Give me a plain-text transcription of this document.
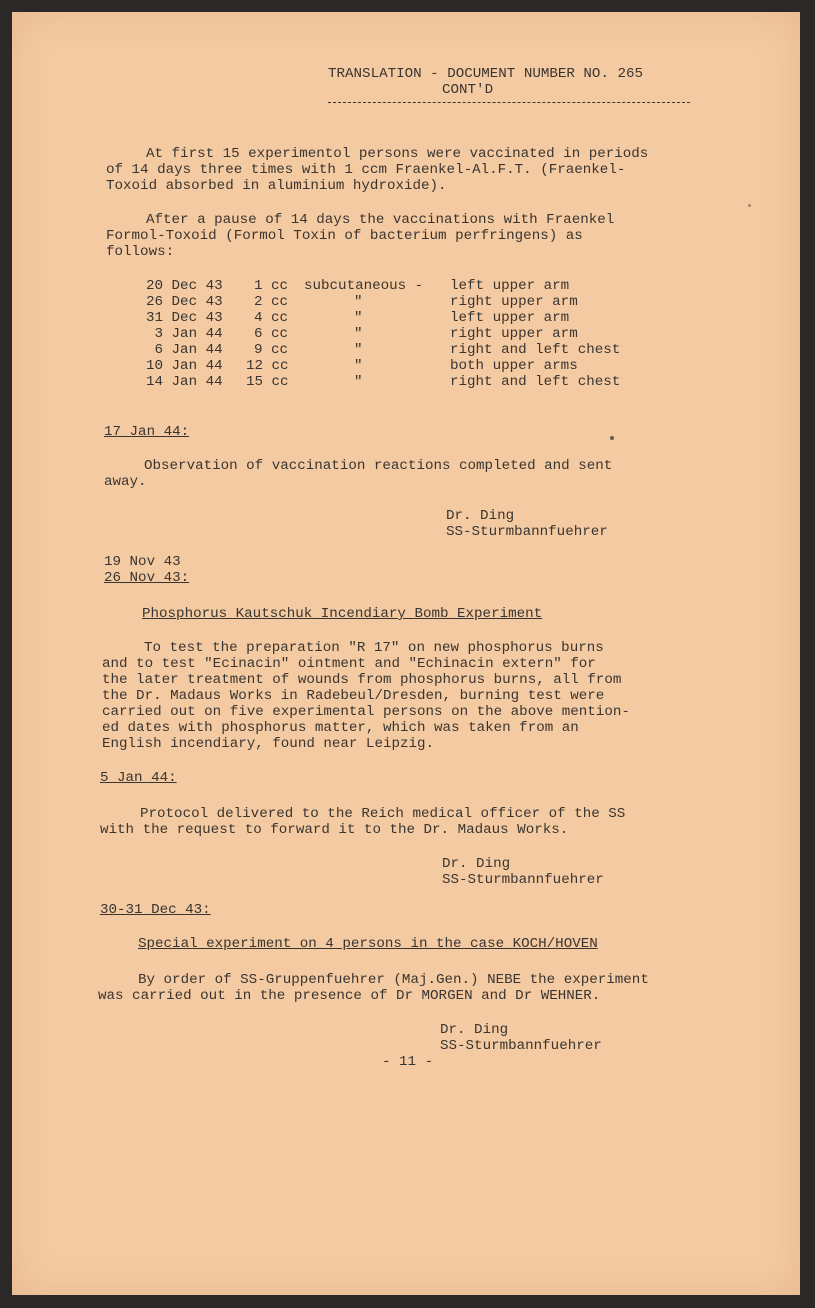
TRANSLATION - DOCUMENT NUMBER NO. 265
CONT'D
At first 15 experimentol persons were vaccinated in periods
of 14 days three times with 1 ccm Fraenkel-Al.F.T. (Fraenkel-
Toxoid absorbed in aluminium hydroxide).
After a pause of 14 days the vaccinations with Fraenkel
Formol-Toxoid (Formol Toxin of bacterium perfringens) as
follows:
20 Dec 43 1 cc subcutaneous - left upper arm
26 Dec 43 2 cc	"	right upper arm
31 Dec 43 4 cc	"	left upper arm
3 Jan 44 6 cc	"	right upper arm
6 Jan 44 9 cc	"	right and left chest
10 Jan 44 12 cc	"	both upper arms
14 Jan 44 15 cc	"	right and left chest
17 Jan 44:
Observation of vaccination reactions completed and sent
away.
Dr. Ding
SS-Sturmbannfuehrer
19 Nov 43
26 Nov 43:
Phosphorus Kautschuk Incendiary Bomb Experiment
To test the preparation "R 17" on new phosphorus burns
and to test "Ecinacin" ointment and "Echinacin extern" for
the later treatment of wounds from phosphorus burns, all from
the Dr. Madaus Works in Radebeul/Dresden, burning test were
carried out on five experimental persons on the above mention-
ed dates with phosphorus matter, which was taken from an
English incendiary, found near Leipzig.
5 Jan 44:
Protocol delivered to the Reich medical officer of the SS
with the request to forward it to the Dr. Madaus Works.
Dr. Ding
SS-Sturmbannfuehrer
30-31 Dec 43:
Special experiment on 4 persons in the case KOCH/HOVEN
By order of SS-Gruppenfuehrer (Maj.Gen.) NEBE the experiment
was carried out in the presence of Dr MORGEN and Dr WEHNER.
Dr. Ding
SS-Sturmbannfuehrer
- 11 -
